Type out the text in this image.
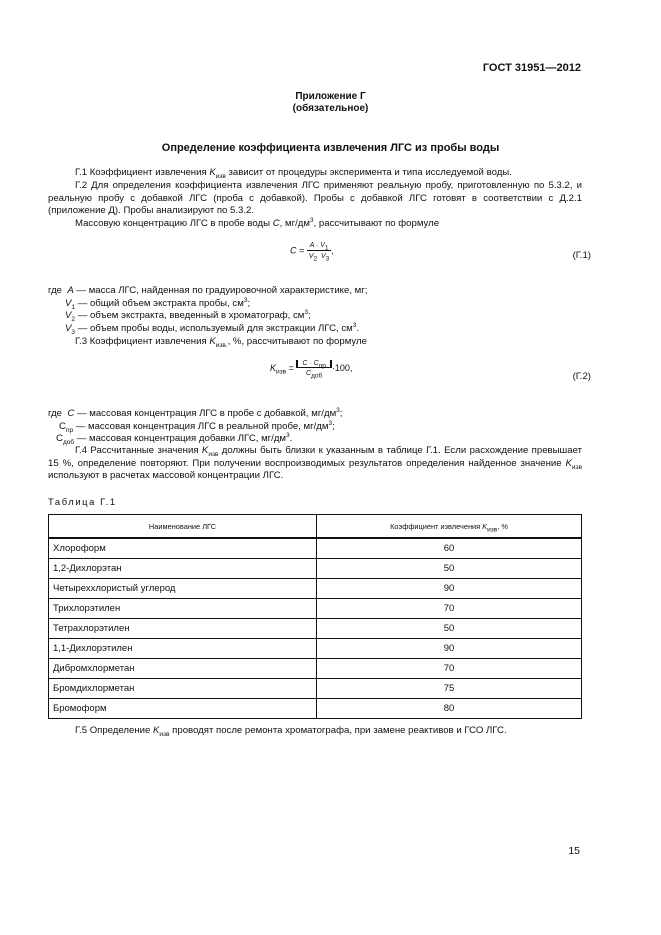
ГОСТ 31951—2012
Приложение Г
(обязательное)
Определение коэффициента извлечения ЛГС из пробы воды
Г.1 Коэффициент извлечения $K_{изв}$ зависит от процедуры эксперимента и типа исследуемой воды.
Г.2 Для определения коэффициента извлечения ЛГС применяют реальную пробу, приготовленную по 5.3.2, и реальную пробу с добавкой ЛГС (проба с добавкой). Пробы с добавкой ЛГС готовят в соответствии с Д.2.1 (приложение Д). Пробы анализируют по 5.3.2.
Массовую концентрацию ЛГС в пробе воды C, $мг/дм^3$, рассчитывают по формуле
$C = \frac{A \cdot V_1}{V_2 V_3}$ ,	(Г.1)
где A — масса ЛГС, найденная по градуировочной характеристике, мг;
$V_1$ — общий объем экстракта пробы, $см^3$;
$V_2$ — объем экстракта, введенный в хроматограф, $см^3$;
$V_3$ — объем пробы воды, используемый для экстракции ЛГС, $см^3$.
Г.3 Коэффициент извлечения $K_{изв.}$, %, рассчитывают по формуле
$K_{изв} = \frac{C \cdot C_{пр}}{C_{доб}} \cdot 100$,
(Г.2)
где C — массовая концентрация ЛГС в пробе с добавкой, $мг/дм^3$;
$C_{пр}$ — массовая концентрация ЛГС в реальной пробе, $мг/дм^3$;
$C_{доб}$ — массовая концентрация добавки ЛГС, $мг/дм^3$.
Г.4 Рассчитанные значения $K_{изв}$ должны быть близки к указанным в таблице Г.1. Если расхождение превышает 15 %, определение повторяют. При получении воспроизводимых результатов определения найденное значение $K_{изв}$ используют в расчетах массовой концентрации ЛГС.
Таблица Г.1
Наименование ЛГС	Коэффициент извлечения $K_{изв}$, %
Хлороформ	60
1,2-Дихлорэтан	50
Четыреххлористый углерод	90
Трихлорэтилен	70
Тетрахлорэтилен	50
1,1-Дихлорэтилен	90
Дибромхлорметан	70
Бромдихлорметан	75
Бромоформ	80
Г.5 Определение $K_{изв}$ проводят после ремонта хроматографа, при замене реактивов и ГСО ЛГС.
15
